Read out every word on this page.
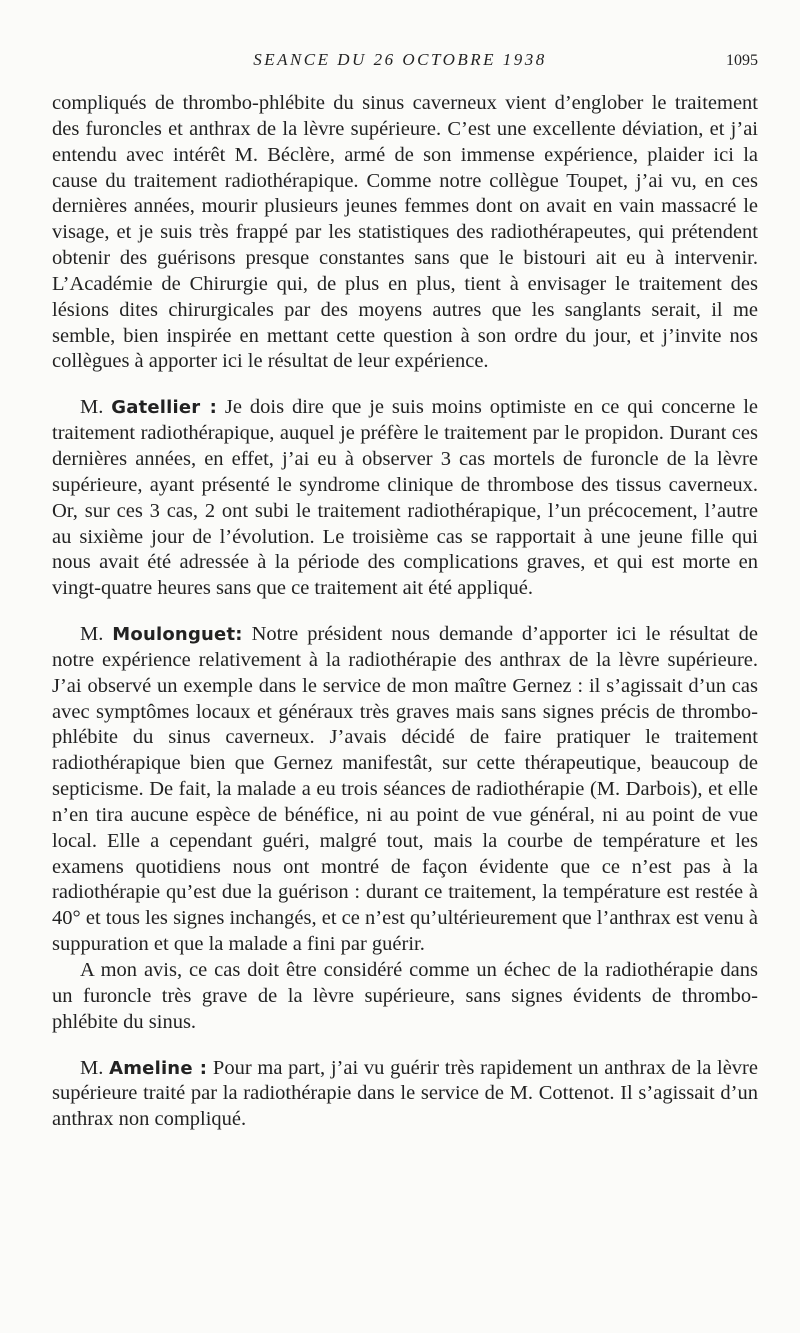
SEANCE DU 26 OCTOBRE 1938	1095

compliqués de thrombo-phlébite du sinus caverneux vient d’englober le traitement des furoncles et anthrax de la lèvre supérieure. C’est une excellente déviation, et j’ai entendu avec intérêt M. Béclère, armé de son immense expérience, plaider ici la cause du traitement radiothérapique. Comme notre collègue Toupet, j’ai vu, en ces dernières années, mourir plusieurs jeunes femmes dont on avait en vain massacré le visage, et je suis très frappé par les statistiques des radiothérapeutes, qui prétendent obtenir des guérisons presque constantes sans que le bistouri ait eu à intervenir. L’Académie de Chirurgie qui, de plus en plus, tient à envisager le traitement des lésions dites chirurgicales par des moyens autres que les sanglants serait, il me semble, bien inspirée en mettant cette question à son ordre du jour, et j’invite nos collègues à apporter ici le résultat de leur expérience.

M. Gatellier : Je dois dire que je suis moins optimiste en ce qui concerne le traitement radiothérapique, auquel je préfère le traitement par le propidon. Durant ces dernières années, en effet, j’ai eu à observer 3 cas mortels de furoncle de la lèvre supérieure, ayant présenté le syndrome clinique de thrombose des tissus caverneux. Or, sur ces 3 cas, 2 ont subi le traitement radiothérapique, l’un précocement, l’autre au sixième jour de l’évolution. Le troisième cas se rapportait à une jeune fille qui nous avait été adressée à la période des complications graves, et qui est morte en vingt-quatre heures sans que ce traitement ait été appliqué.

M. Moulonguet: Notre président nous demande d’apporter ici le résultat de notre expérience relativement à la radiothérapie des anthrax de la lèvre supérieure. J’ai observé un exemple dans le service de mon maître Gernez : il s’agissait d’un cas avec symptômes locaux et généraux très graves mais sans signes précis de thrombo-phlébite du sinus caverneux. J’avais décidé de faire pratiquer le traitement radiothérapique bien que Gernez manifestât, sur cette thérapeutique, beaucoup de septicisme. De fait, la malade a eu trois séances de radiothérapie (M. Darbois), et elle n’en tira aucune espèce de bénéfice, ni au point de vue général, ni au point de vue local. Elle a cependant guéri, malgré tout, mais la courbe de température et les examens quotidiens nous ont montré de façon évidente que ce n’est pas à la radiothérapie qu’est due la guérison : durant ce traitement, la température est restée à 40° et tous les signes inchangés, et ce n’est qu’ultérieurement que l’anthrax est venu à suppuration et que la malade a fini par guérir.

A mon avis, ce cas doit être considéré comme un échec de la radiothérapie dans un furoncle très grave de la lèvre supérieure, sans signes évidents de thrombo-phlébite du sinus.

M. Ameline : Pour ma part, j’ai vu guérir très rapidement un anthrax de la lèvre supérieure traité par la radiothérapie dans le service de M. Cottenot. Il s’agissait d’un anthrax non compliqué.
